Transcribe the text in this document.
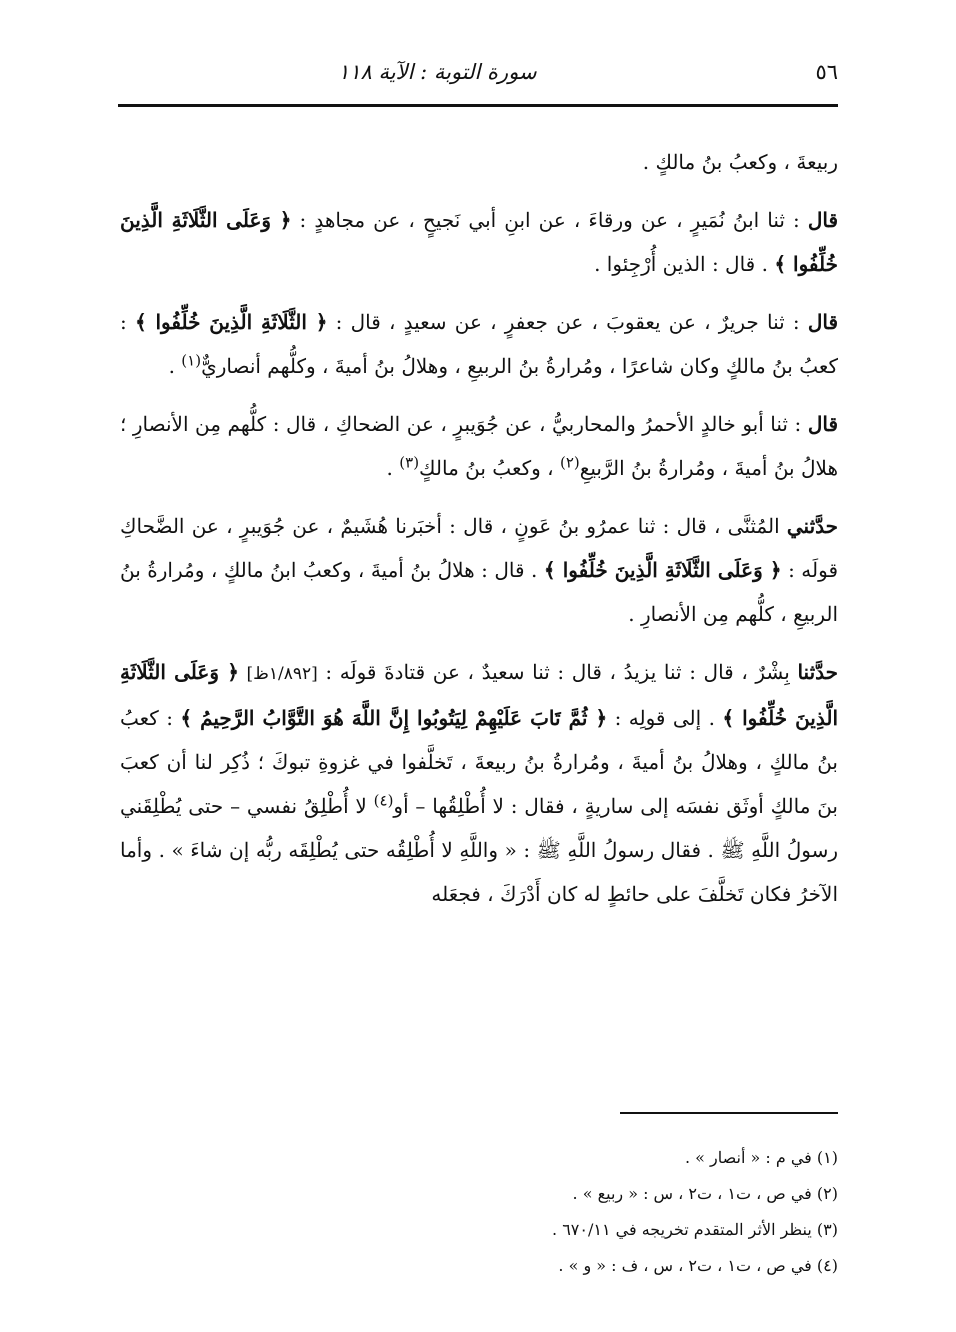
٥٦
سورة التوبة : الآية ١١٨

ربيعةَ ، وكعبُ بنُ مالكٍ .

قال : ثنا ابنُ نُمَيرٍ ، عن ورقاءَ ، عن ابنِ أبي نَجيحٍ ، عن مجاهدٍ : ﴿ وَعَلَى الثَّلَاثَةِ الَّذِينَ خُلِّفُوا ﴾ . قال : الذين أُرْجِئوا .

قال : ثنا جريرٌ ، عن يعقوبَ ، عن جعفرٍ ، عن سعيدٍ ، قال : ﴿ الثَّلَاثَةِ الَّذِينَ خُلِّفُوا ﴾ : كعبُ بنُ مالكٍ وكان شاعرًا ، ومُرارةُ بنُ الربيعِ ، وهلالُ بنُ أميةَ ، وكلُّهم أنصاريٌّ$^{(١)}$ .

قال : ثنا أبو خالدٍ الأحمرُ والمحاربيُّ ، عن جُوَيبرٍ ، عن الضحاكِ ، قال : كلُّهم مِن الأنصارِ ؛ هلالُ بنُ أميةَ ، ومُرارةُ بنُ الرَّبيعِ$^{(٢)}$ ، وكعبُ بنُ مالكٍ$^{(٣)}$ .

حدَّثني المُثنَّى ، قال : ثنا عمرُو بنُ عَونٍ ، قال : أخبَرنا هُشَيمٌ ، عن جُوَيبرٍ ، عن الضَّحاكِ قولَه : ﴿ وَعَلَى الثَّلَاثَةِ الَّذِينَ خُلِّفُوا ﴾ . قال : هلالُ بنُ أميةَ ، وكعبُ ابنُ مالكٍ ، ومُرارةُ بنُ الربيعِ ، كلُّهم مِن الأنصارِ .

حدَّثنا بِشْرٌ ، قال : ثنا يزيدُ ، قال : ثنا سعيدٌ ، عن قتادةَ قولَه : [١/٨٩٢ظ] ﴿ وَعَلَى الثَّلَاثَةِ الَّذِينَ خُلِّفُوا ﴾ . إلى قولِه : ﴿ ثُمَّ تَابَ عَلَيْهِمْ لِيَتُوبُوا إِنَّ اللَّهَ هُوَ التَّوَّابُ الرَّحِيمُ ﴾ : كعبُ بنُ مالكٍ ، وهلالُ بنُ أميةَ ، ومُرارةُ بنُ ربيعةَ ، تَخلَّفوا في غزوةِ تبوكَ ؛ ذُكِر لنا أن كعبَ بنَ مالكٍ أوثَق نفسَه إلى ساريةٍ ، فقال : لا أُطْلِقُها – أو$^{(٤)}$ لا أُطْلِقُ نفسي – حتى يُطْلِقَني رسولُ اللَّهِ ﷺ . فقال رسولُ اللَّهِ ﷺ : « واللَّهِ لا أُطْلِقُه حتى يُطْلِقَه ربُّه إن شاءَ » . وأما الآخرُ فكان تَخلَّفَ على حائطٍ له كان أَدْرَكَ ، فجعَله

(١) في م : « أنصار » .

(٢) في ص ، ت١ ، ت٢ ، س : « ربيع » .

(٣) ينظر الأثر المتقدم تخريجه في ٦٧٠/١١ .

(٤) في ص ، ت١ ، ت٢ ، س ، ف : « و » .
